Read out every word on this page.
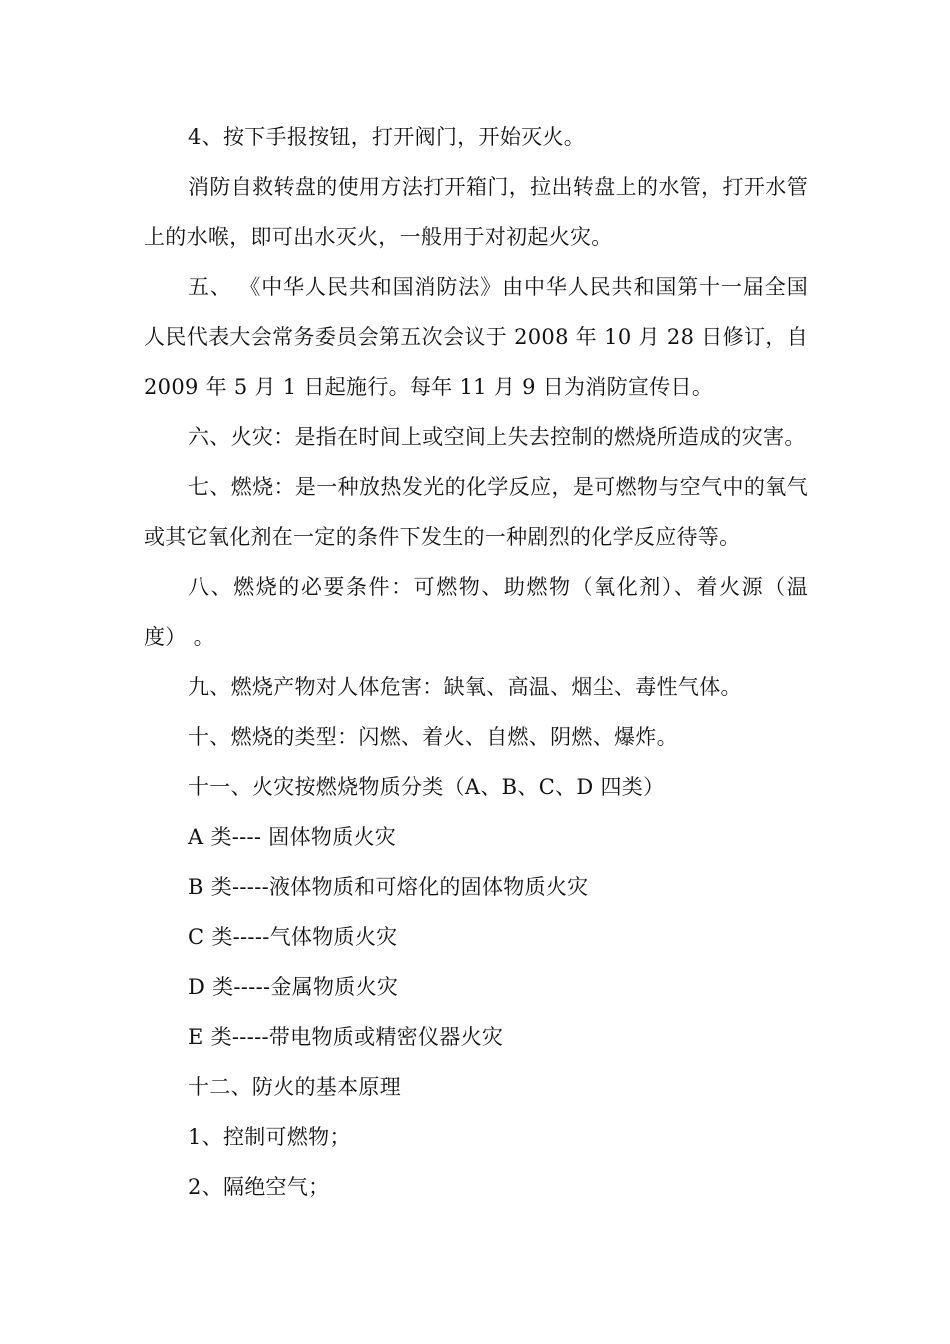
4、按下手报按钮，打开阀门，开始灭火。

消防自救转盘的使用方法打开箱门，拉出转盘上的水管，打开水管上的水喉，即可出水灭火，一般用于对初起火灾。

五、 《中华人民共和国消防法》由中华人民共和国第十一届全国人民代表大会常务委员会第五次会议于 2008 年 10 月 28 日修订，自 2009 年 5 月 1 日起施行。每年 11 月 9 日为消防宣传日。

六、火灾：是指在时间上或空间上失去控制的燃烧所造成的灾害。

七、燃烧：是一种放热发光的化学反应，是可燃物与空气中的氧气或其它氧化剂在一定的条件下发生的一种剧烈的化学反应待等。

八、燃烧的必要条件：可燃物、助燃物（氧化剂）、着火源（温度） 。

九、燃烧产物对人体危害：缺氧、高温、烟尘、毒性气体。

十、燃烧的类型：闪燃、着火、自燃、阴燃、爆炸。

十一、火灾按燃烧物质分类（A、B、C、D 四类）

A 类---- 固体物质火灾

B 类-----液体物质和可熔化的固体物质火灾

C 类-----气体物质火灾

D 类-----金属物质火灾

E 类-----带电物质或精密仪器火灾

十二、防火的基本原理

1、控制可燃物；

2、隔绝空气；
